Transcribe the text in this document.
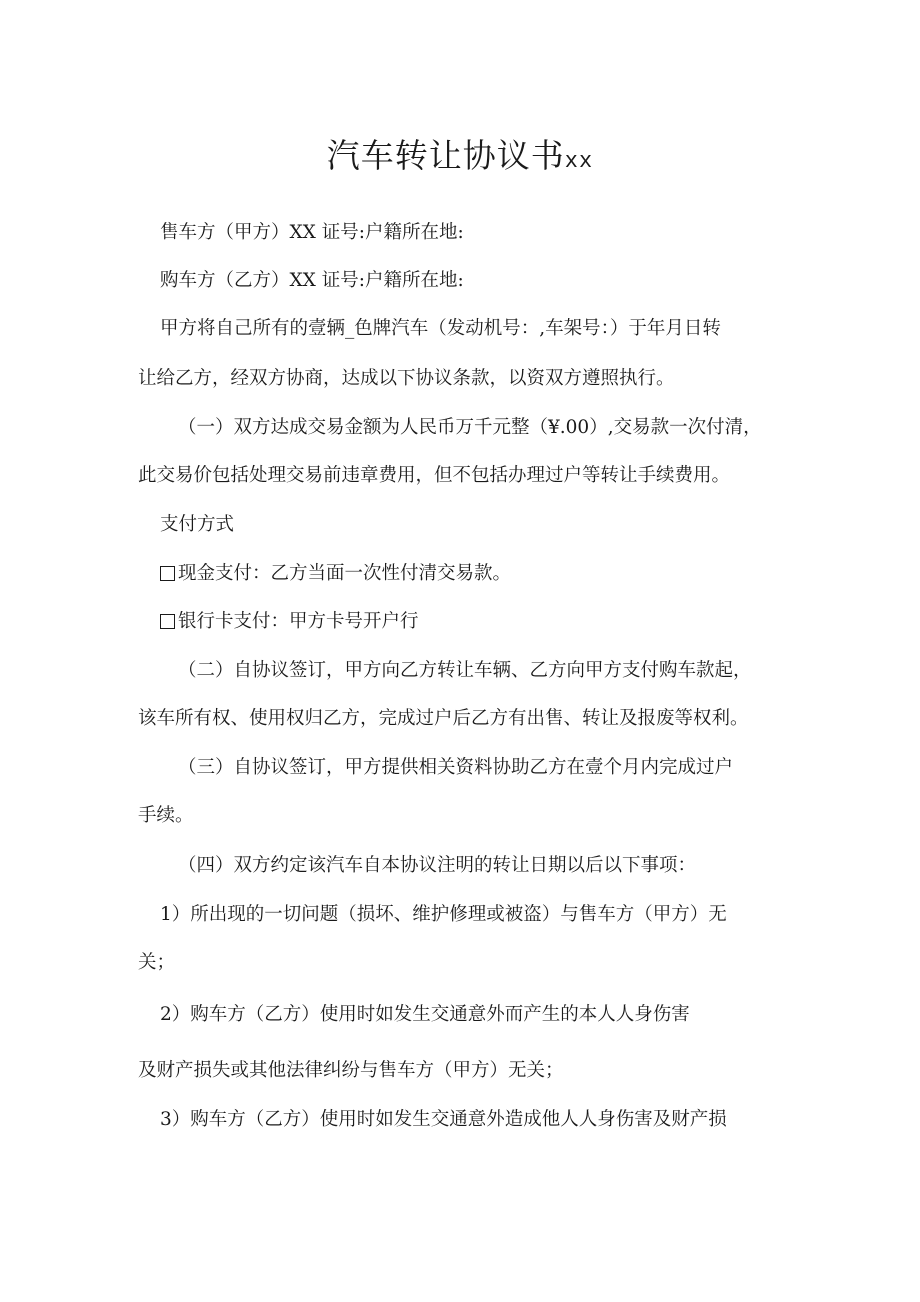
汽车转让协议书xx
售车方（甲方）XX 证号:户籍所在地:
购车方（乙方）XX 证号:户籍所在地:
甲方将自己所有的壹辆_色牌汽车（发动机号：,车架号：）于年月日转
让给乙方，经双方协商，达成以下协议条款，以资双方遵照执行。
（一）双方达成交易金额为人民币万千元整（¥.00）,交易款一次付清，
此交易价包括处理交易前违章费用，但不包括办理过户等转让手续费用。
支付方式
现金支付：乙方当面一次性付清交易款。
银行卡支付：甲方卡号开户行
（二）自协议签订，甲方向乙方转让车辆、乙方向甲方支付购车款起，
该车所有权、使用权归乙方，完成过户后乙方有出售、转让及报废等权利。
（三）自协议签订，甲方提供相关资料协助乙方在壹个月内完成过户
手续。
（四）双方约定该汽车自本协议注明的转让日期以后以下事项：
1）所出现的一切问题（损坏、维护修理或被盗）与售车方（甲方）无
关；
2）购车方（乙方）使用时如发生交通意外而产生的本人人身伤害
及财产损失或其他法律纠纷与售车方（甲方）无关；
3）购车方（乙方）使用时如发生交通意外造成他人人身伤害及财产损
